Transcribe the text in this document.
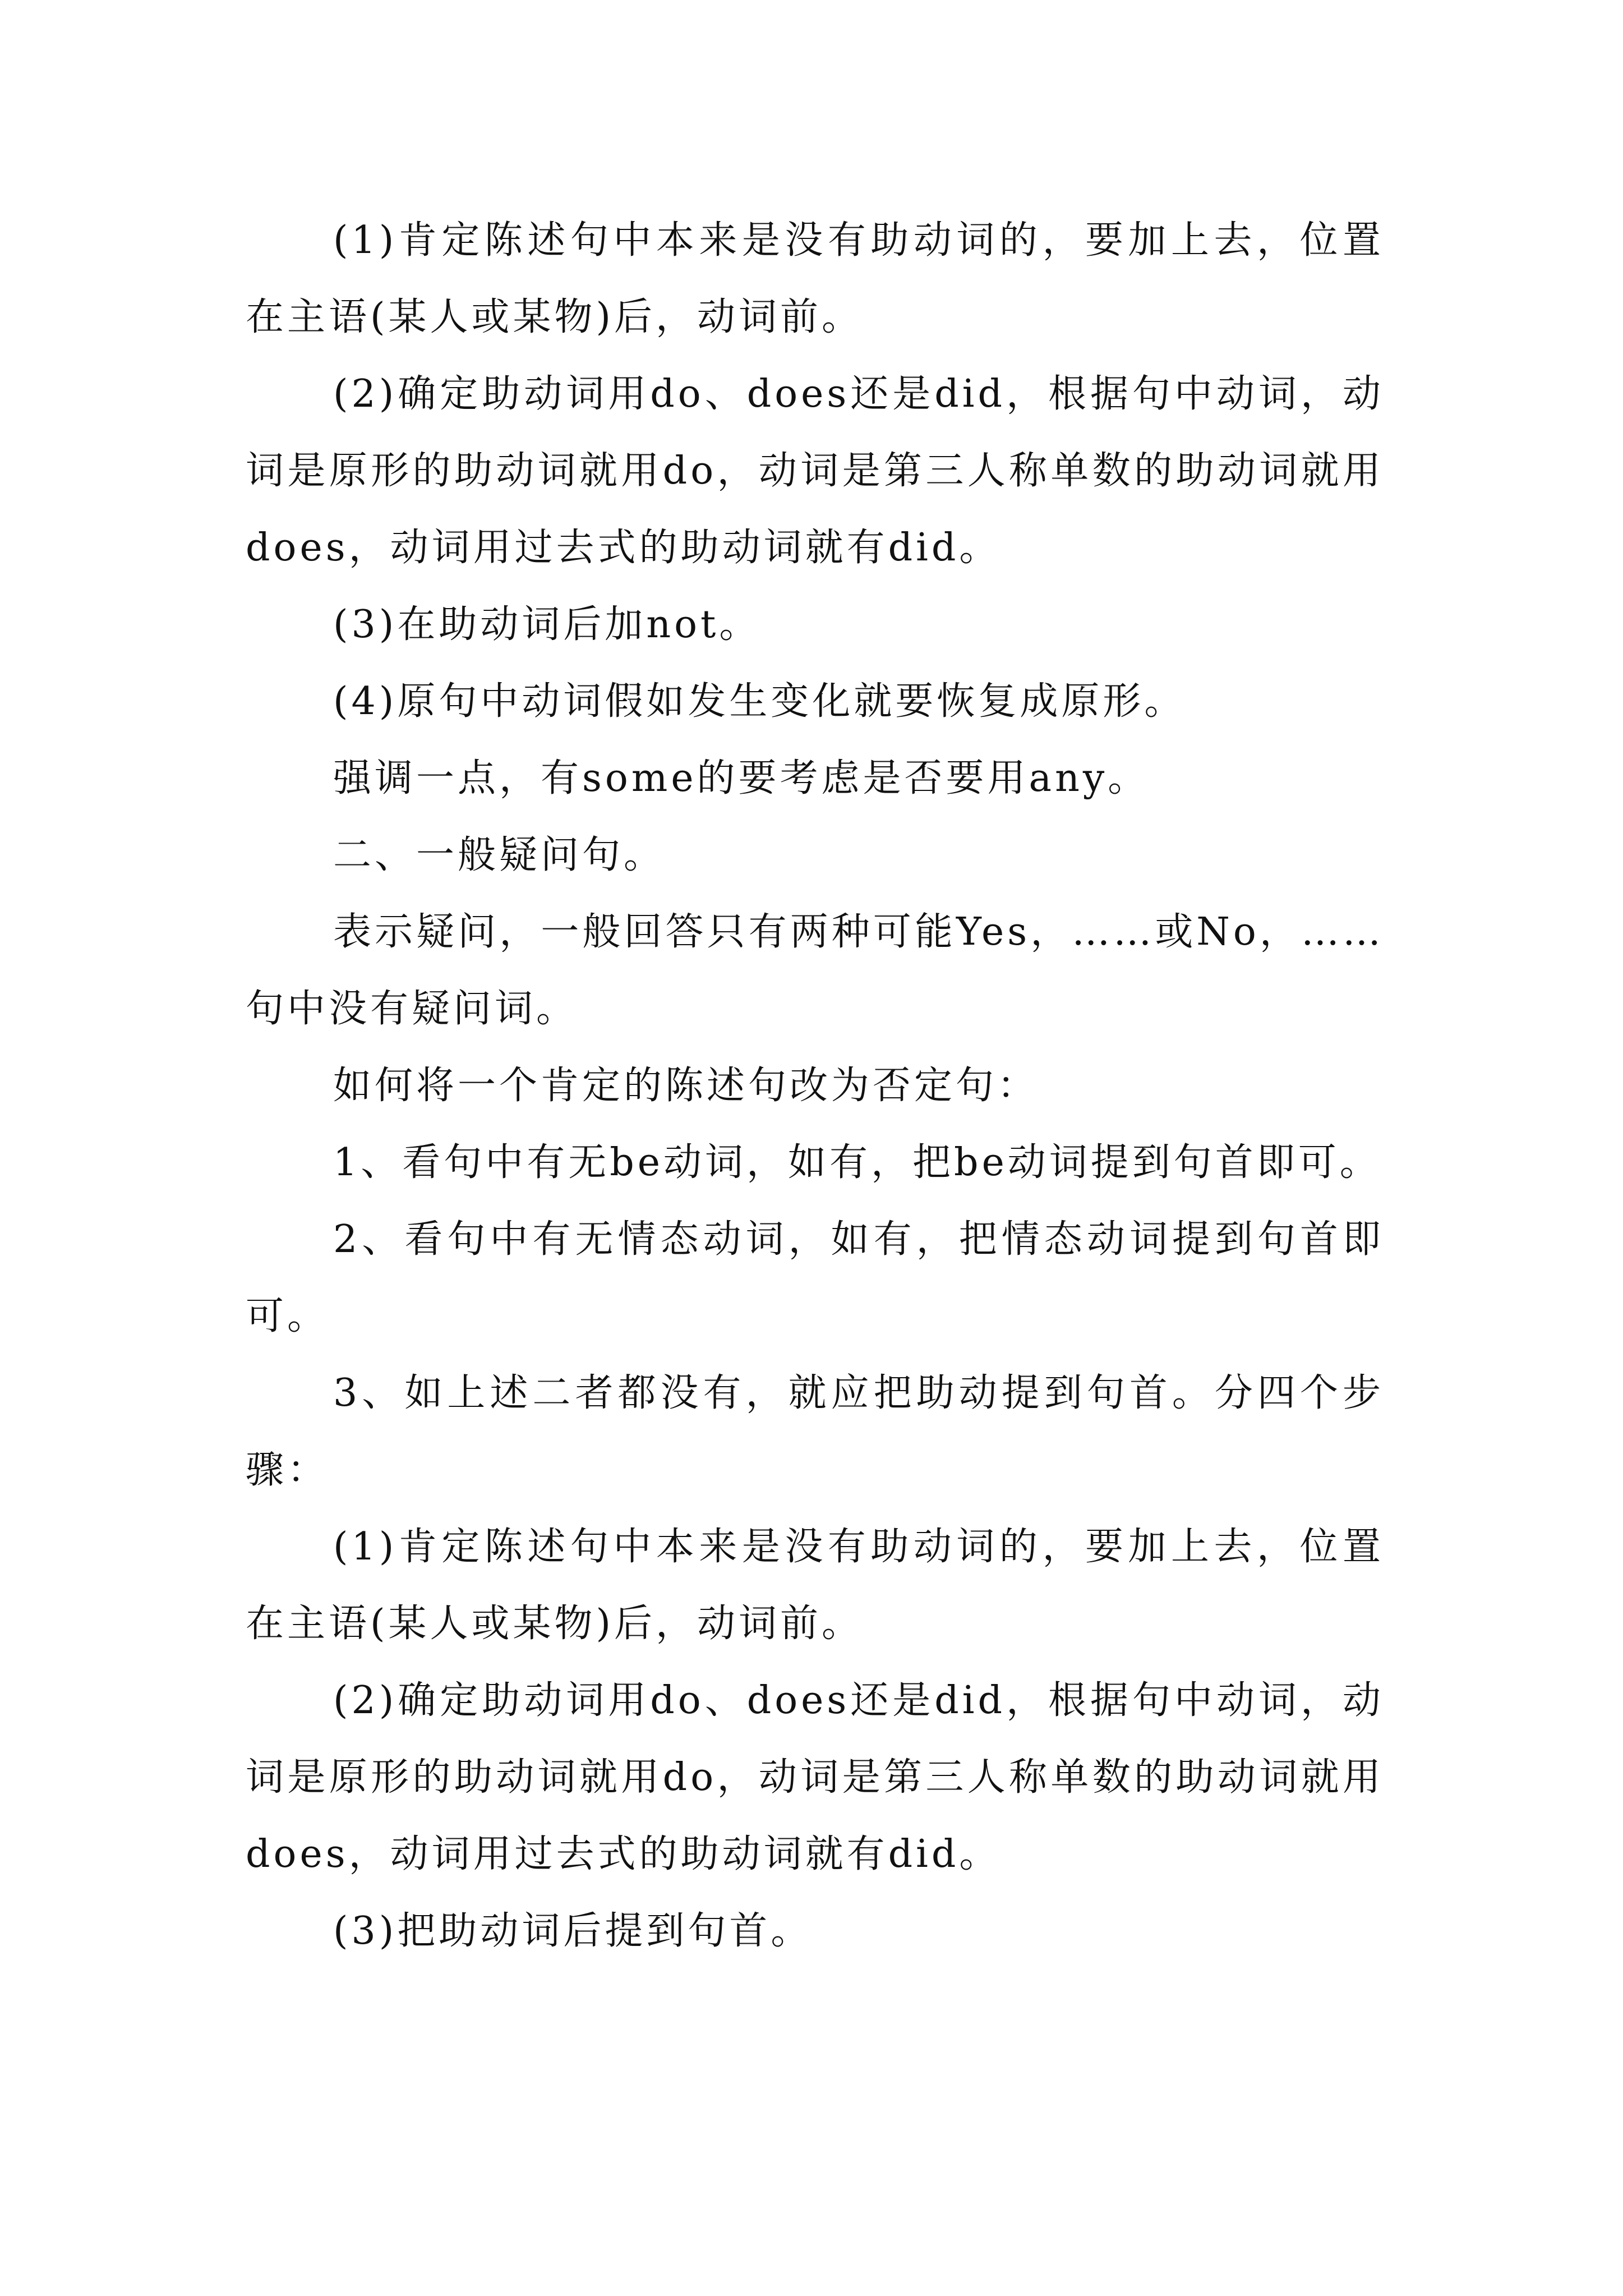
(1)肯定陈述句中本来是没有助动词的，要加上去，位置在主语(某人或某物)后，动词前。

(2)确定助动词用do、does还是did，根据句中动词，动词是原形的助动词就用do，动词是第三人称单数的助动词就用does，动词用过去式的助动词就有did。

(3)在助动词后加not。

(4)原句中动词假如发生变化就要恢复成原形。

强调一点，有some的要考虑是否要用any。

二、一般疑问句。

表示疑问，一般回答只有两种可能Yes，……或No，……句中没有疑问词。

如何将一个肯定的陈述句改为否定句：

1、看句中有无be动词，如有，把be动词提到句首即可。

2、看句中有无情态动词，如有，把情态动词提到句首即可。

3、如上述二者都没有，就应把助动提到句首。分四个步骤：

(1)肯定陈述句中本来是没有助动词的，要加上去，位置在主语(某人或某物)后，动词前。

(2)确定助动词用do、does还是did，根据句中动词，动词是原形的助动词就用do，动词是第三人称单数的助动词就用does，动词用过去式的助动词就有did。

(3)把助动词后提到句首。
